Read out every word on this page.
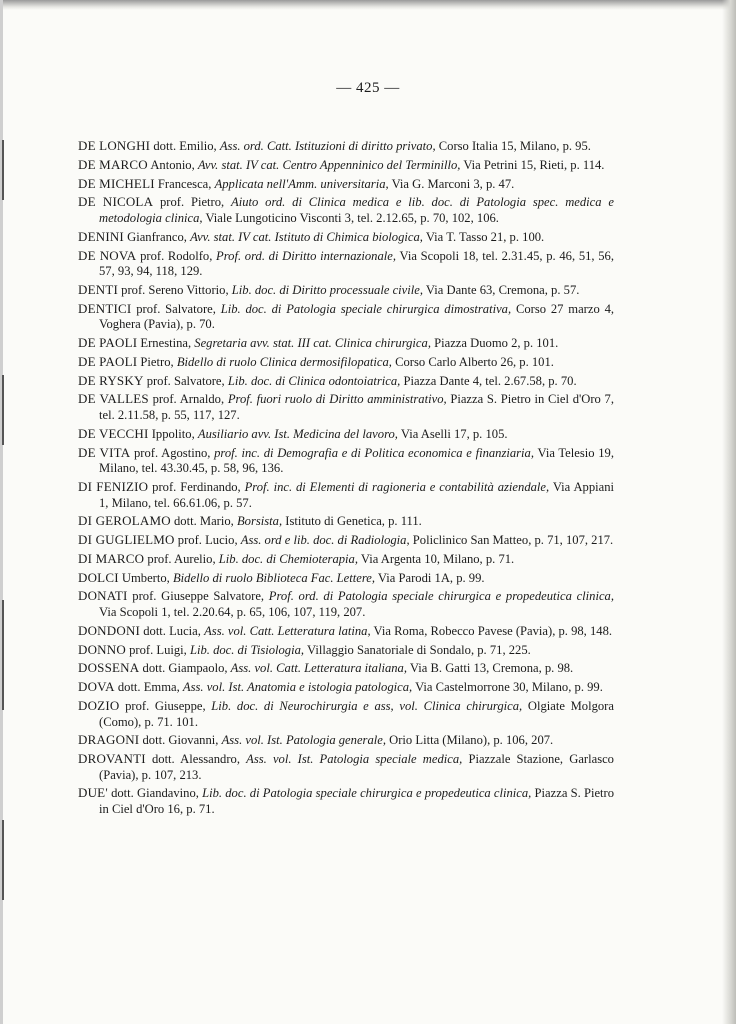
— 425 —
DE LONGHI dott. Emilio, Ass. ord. Catt. Istituzioni di diritto privato, Corso Italia 15, Milano, p. 95.
DE MARCO Antonio, Avv. stat. IV cat. Centro Appenninico del Terminillo, Via Petrini 15, Rieti, p. 114.
DE MICHELI Francesca, Applicata nell'Amm. universitaria, Via G. Marconi 3, p. 47.
DE NICOLA prof. Pietro, Aiuto ord. di Clinica medica e lib. doc. di Patologia spec. medica e metodologia clinica, Viale Lungoticino Visconti 3, tel. 2.12.65, p. 70, 102, 106.
DENINI Gianfranco, Avv. stat. IV cat. Istituto di Chimica biologica, Via T. Tasso 21, p. 100.
DE NOVA prof. Rodolfo, Prof. ord. di Diritto internazionale, Via Scopoli 18, tel. 2.31.45, p. 46, 51, 56, 57, 93, 94, 118, 129.
DENTI prof. Sereno Vittorio, Lib. doc. di Diritto processuale civile, Via Dante 63, Cremona, p. 57.
DENTICI prof. Salvatore, Lib. doc. di Patologia speciale chirurgica dimostrativa, Corso 27 marzo 4, Voghera (Pavia), p. 70.
DE PAOLI Ernestina, Segretaria avv. stat. III cat. Clinica chirurgica, Piazza Duomo 2, p. 101.
DE PAOLI Pietro, Bidello di ruolo Clinica dermosifilopatica, Corso Carlo Alberto 26, p. 101.
DE RYSKY prof. Salvatore, Lib. doc. di Clinica odontoiatrica, Piazza Dante 4, tel. 2.67.58, p. 70.
DE VALLES prof. Arnaldo, Prof. fuori ruolo di Diritto amministrativo, Piazza S. Pietro in Ciel d'Oro 7, tel. 2.11.58, p. 55, 117, 127.
DE VECCHI Ippolito, Ausiliario avv. Ist. Medicina del lavoro, Via Aselli 17, p. 105.
DE VITA prof. Agostino, prof. inc. di Demografia e di Politica economica e finanziaria, Via Telesio 19, Milano, tel. 43.30.45, p. 58, 96, 136.
DI FENIZIO prof. Ferdinando, Prof. inc. di Elementi di ragioneria e contabilità aziendale, Via Appiani 1, Milano, tel. 66.61.06, p. 57.
DI GEROLAMO dott. Mario, Borsista, Istituto di Genetica, p. 111.
DI GUGLIELMO prof. Lucio, Ass. ord e lib. doc. di Radiologia, Policlinico San Matteo, p. 71, 107, 217.
DI MARCO prof. Aurelio, Lib. doc. di Chemioterapia, Via Argenta 10, Milano, p. 71.
DOLCI Umberto, Bidello di ruolo Biblioteca Fac. Lettere, Via Parodi 1A, p. 99.
DONATI prof. Giuseppe Salvatore, Prof. ord. di Patologia speciale chirurgica e propedeutica clinica, Via Scopoli 1, tel. 2.20.64, p. 65, 106, 107, 119, 207.
DONDONI dott. Lucia, Ass. vol. Catt. Letteratura latina, Via Roma, Robecco Pavese (Pavia), p. 98, 148.
DONNO prof. Luigi, Lib. doc. di Tisiologia, Villaggio Sanatoriale di Sondalo, p. 71, 225.
DOSSENA dott. Giampaolo, Ass. vol. Catt. Letteratura italiana, Via B. Gatti 13, Cremona, p. 98.
DOVA dott. Emma, Ass. vol. Ist. Anatomia e istologia patologica, Via Castelmorrone 30, Milano, p. 99.
DOZIO prof. Giuseppe, Lib. doc. di Neurochirurgia e ass, vol. Clinica chirurgica, Olgiate Molgora (Como), p. 71. 101.
DRAGONI dott. Giovanni, Ass. vol. Ist. Patologia generale, Orio Litta (Milano), p. 106, 207.
DROVANTI dott. Alessandro, Ass. vol. Ist. Patologia speciale medica, Piazzale Stazione, Garlasco (Pavia), p. 107, 213.
DUE' dott. Giandavino, Lib. doc. di Patologia speciale chirurgica e propedeutica clinica, Piazza S. Pietro in Ciel d'Oro 16, p. 71.
